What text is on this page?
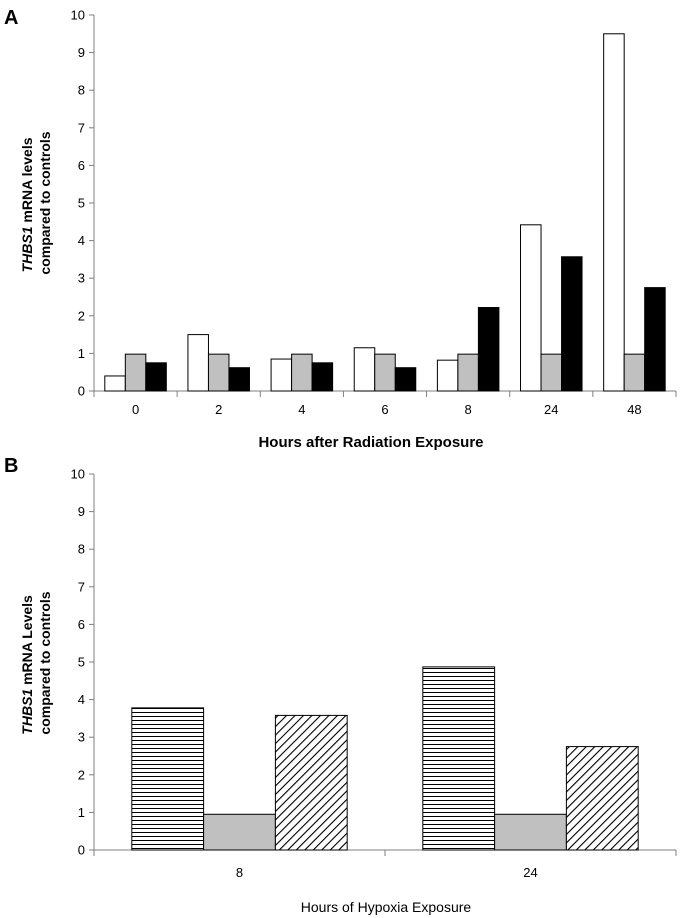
A
0
1
2
3
4
5
6
7
8
9
10
0	2	4	6	8	24	48
THBS1 mRNA levels compared to controls
Hours after Radiation Exposure
B
0
1
2
3
4
5
6
7
8
9
10
8	24
THBS1 mRNA Levels compared to controls
Hours of Hypoxia Exposure
